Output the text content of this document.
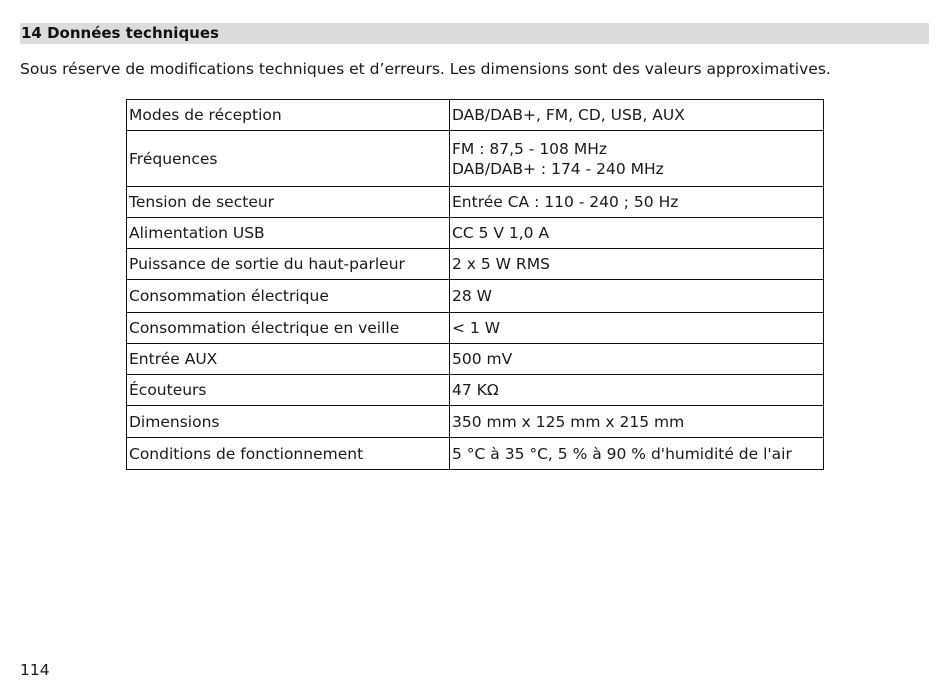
14 Données techniques
Sous réserve de modifications techniques et d’erreurs. Les dimensions sont des valeurs approximatives.
Modes de réception	DAB/DAB+, FM, CD, USB, AUX

Fréquences	FM : 87,5 - 108 MHz
DAB/DAB+ : 174 - 240 MHz

Tension de secteur	Entrée CA : 110 - 240 ; 50 Hz

Alimentation USB	CC 5 V 1,0 A

Puissance de sortie du haut-parleur	2 x 5 W RMS

Consommation électrique	28 W

Consommation électrique en veille	< 1 W

Entrée AUX	500 mV

Écouteurs	47 KΩ

Dimensions	350 mm x 125 mm x 215 mm

Conditions de fonctionnement	5 °C à 35 °C, 5 % à 90 % d'humidité de l'air
114
